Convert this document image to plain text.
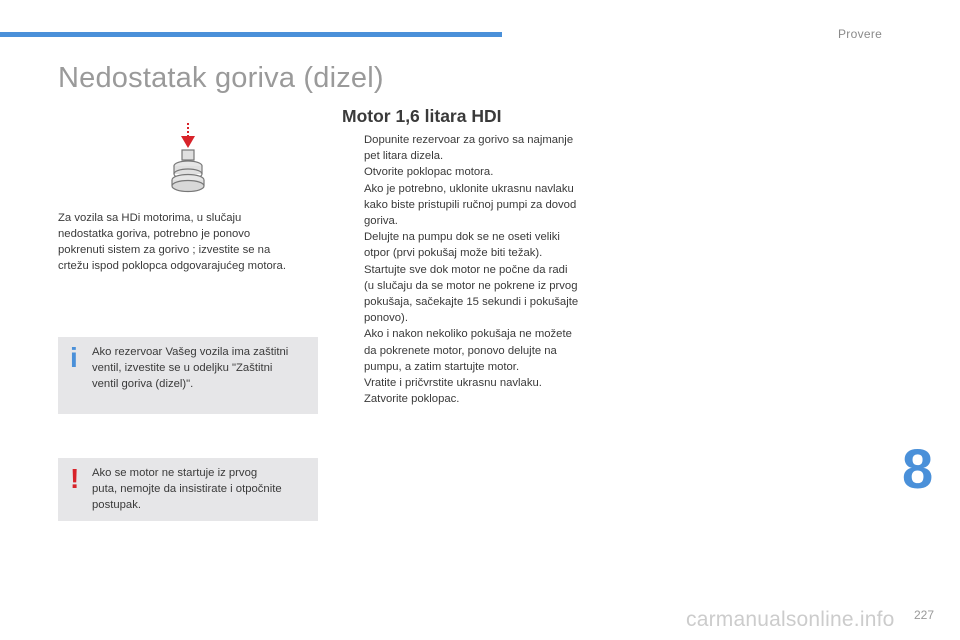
Provere
Nedostatak goriva (dizel)
Za vozila sa HDi motorima, u slučaju
nedostatka goriva, potrebno je ponovo
pokrenuti sistem za gorivo ; izvestite se na
crtežu ispod poklopca odgovarajućeg motora.
i Ako rezervoar Vašeg vozila ima zaštitni
ventil, izvestite se u odeljku "Zaštitni
ventil goriva (dizel)".
! Ako se motor ne startuje iz prvog
puta, nemojte da insistirate i otpočnite
postupak.
Motor 1,6 litara HDI
Dopunite rezervoar za gorivo sa najmanje
pet litara dizela.
Otvorite poklopac motora.
Ako je potrebno, uklonite ukrasnu navlaku
kako biste pristupili ručnoj pumpi za dovod
goriva.
Delujte na pumpu dok se ne oseti veliki
otpor (prvi pokušaj može biti težak).
Startujte sve dok motor ne počne da radi
(u slučaju da se motor ne pokrene iz prvog
pokušaja, sačekajte 15 sekundi i pokušajte
ponovo).
Ako i nakon nekoliko pokušaja ne možete
da pokrenete motor, ponovo delujte na
pumpu, a zatim startujte motor.
Vratite i pričvrstite ukrasnu navlaku.
Zatvorite poklopac.
8
carmanualsonline.info 227
